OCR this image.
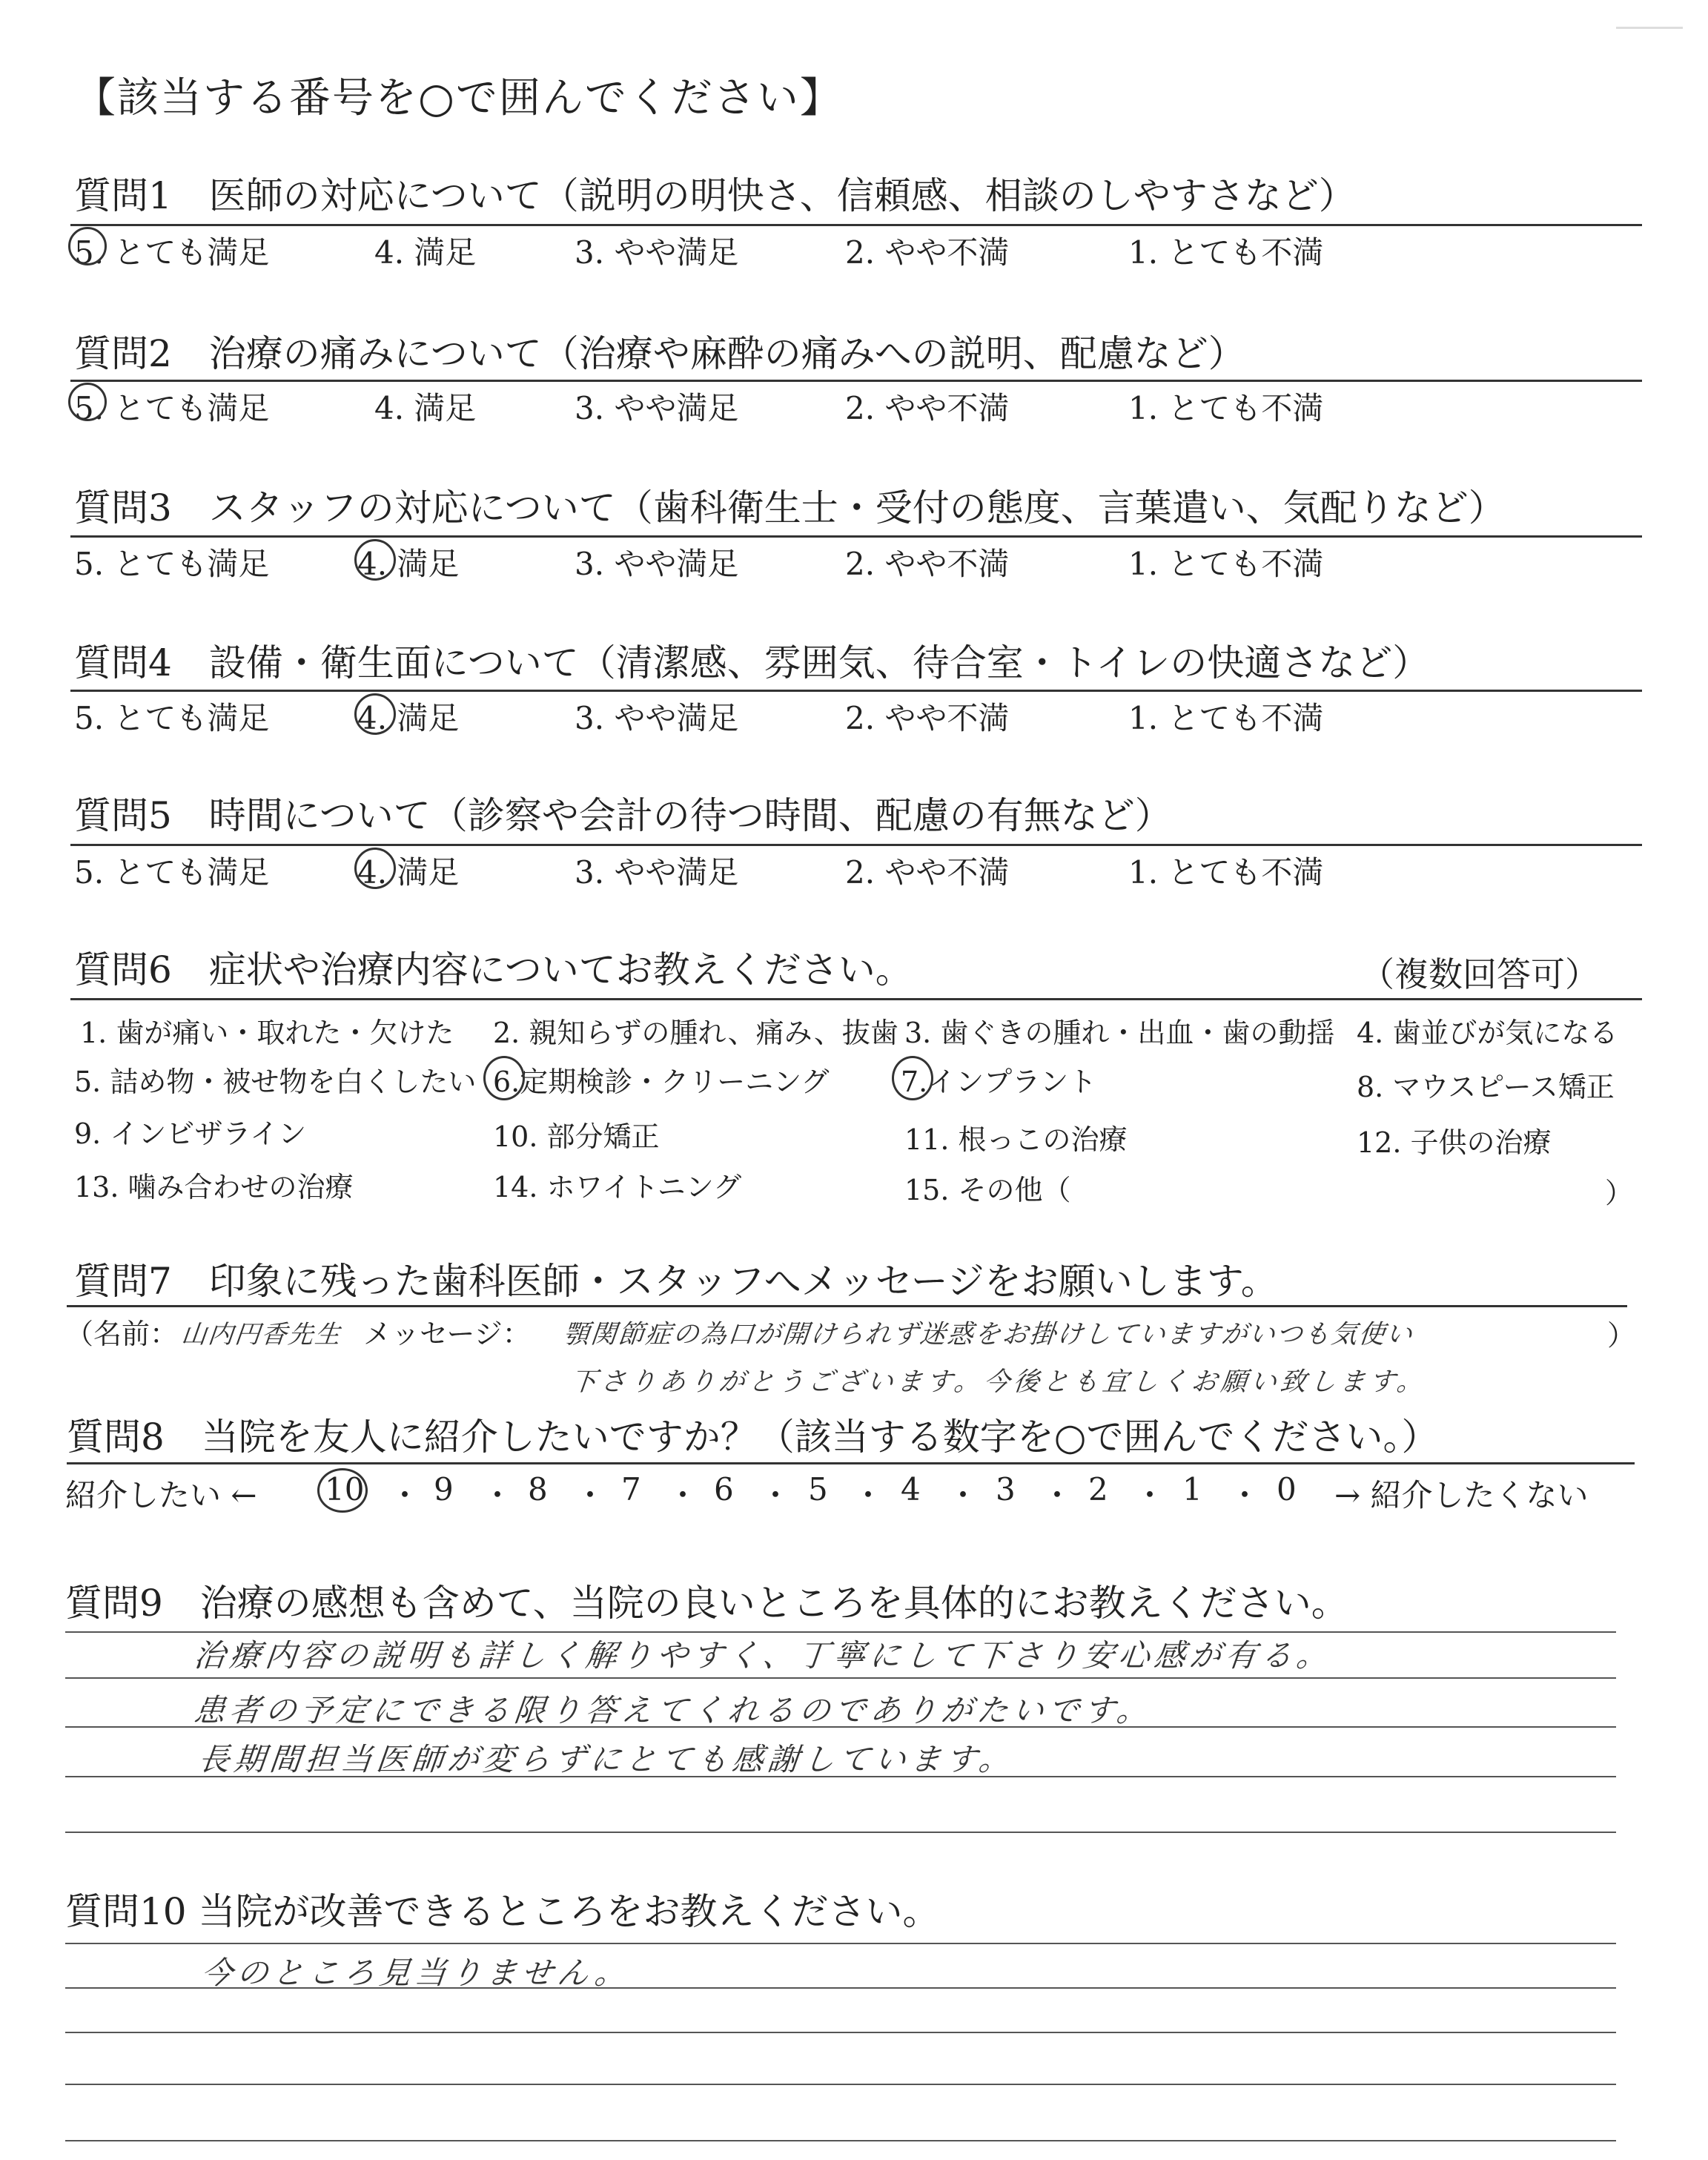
【該当する番号を○で囲んでください】
質問1　医師の対応について（説明の明快さ、信頼感、相談のしやすさなど）
5. とても満足	4. 満足	3. やや満足	2. やや不満	1. とても不満
質問2　治療の痛みについて（治療や麻酔の痛みへの説明、配慮など）
5. とても満足	4. 満足	3. やや満足	2. やや不満	1. とても不満
質問3　スタッフの対応について（歯科衛生士・受付の態度、言葉遣い、気配りなど）
5. とても満足	4. 満足	3. やや満足	2. やや不満	1. とても不満
質問4　設備・衛生面について（清潔感、雰囲気、待合室・トイレの快適さなど）
5. とても満足	4. 満足	3. やや満足	2. やや不満	1. とても不満
質問5　時間について（診察や会計の待つ時間、配慮の有無など）
5. とても満足	4. 満足	3. やや満足	2. やや不満	1. とても不満
質問6　症状や治療内容についてお教えください。	（複数回答可）
1. 歯が痛い・取れた・欠けた 2. 親知らずの腫れ、痛み、抜歯 3. 歯ぐきの腫れ・出血・歯の動揺 4. 歯並びが気になる
5. 詰め物・被せ物を白くしたい 6.定期検診・クリーニング	7.インプラント	8. マウスピース矯正
9. インビザライン	10. 部分矯正	11. 根っこの治療	12. 子供の治療
13. 噛み合わせの治療	14. ホワイトニング	15. その他（	）
質問7　印象に残った歯科医師・スタッフへメッセージをお願いします。
（名前： 山内円香先生 メッセージ： 顎関節症の為口が開けられず迷惑をお掛けしていますがいつも気使い	）
下さりありがとうございます。今後とも宜しくお願い致します。
質問8　当院を友人に紹介したいですか？（該当する数字を○で囲んでください。）
紹介したい ← 10 ・ 9 ・ 8 ・ 7 ・ 6 ・ 5 ・ 4 ・ 3 ・ 2 ・ 1 ・ 0 → 紹介したくない
質問9　治療の感想も含めて、当院の良いところを具体的にお教えください。
治療内容の説明も詳しく解りやすく、丁寧にして下さり安心感が有る。
患者の予定にできる限り答えてくれるのでありがたいです。
長期間担当医師が変らずにとても感謝しています。
質問10 当院が改善できるところをお教えください。
今のところ見当りません。
